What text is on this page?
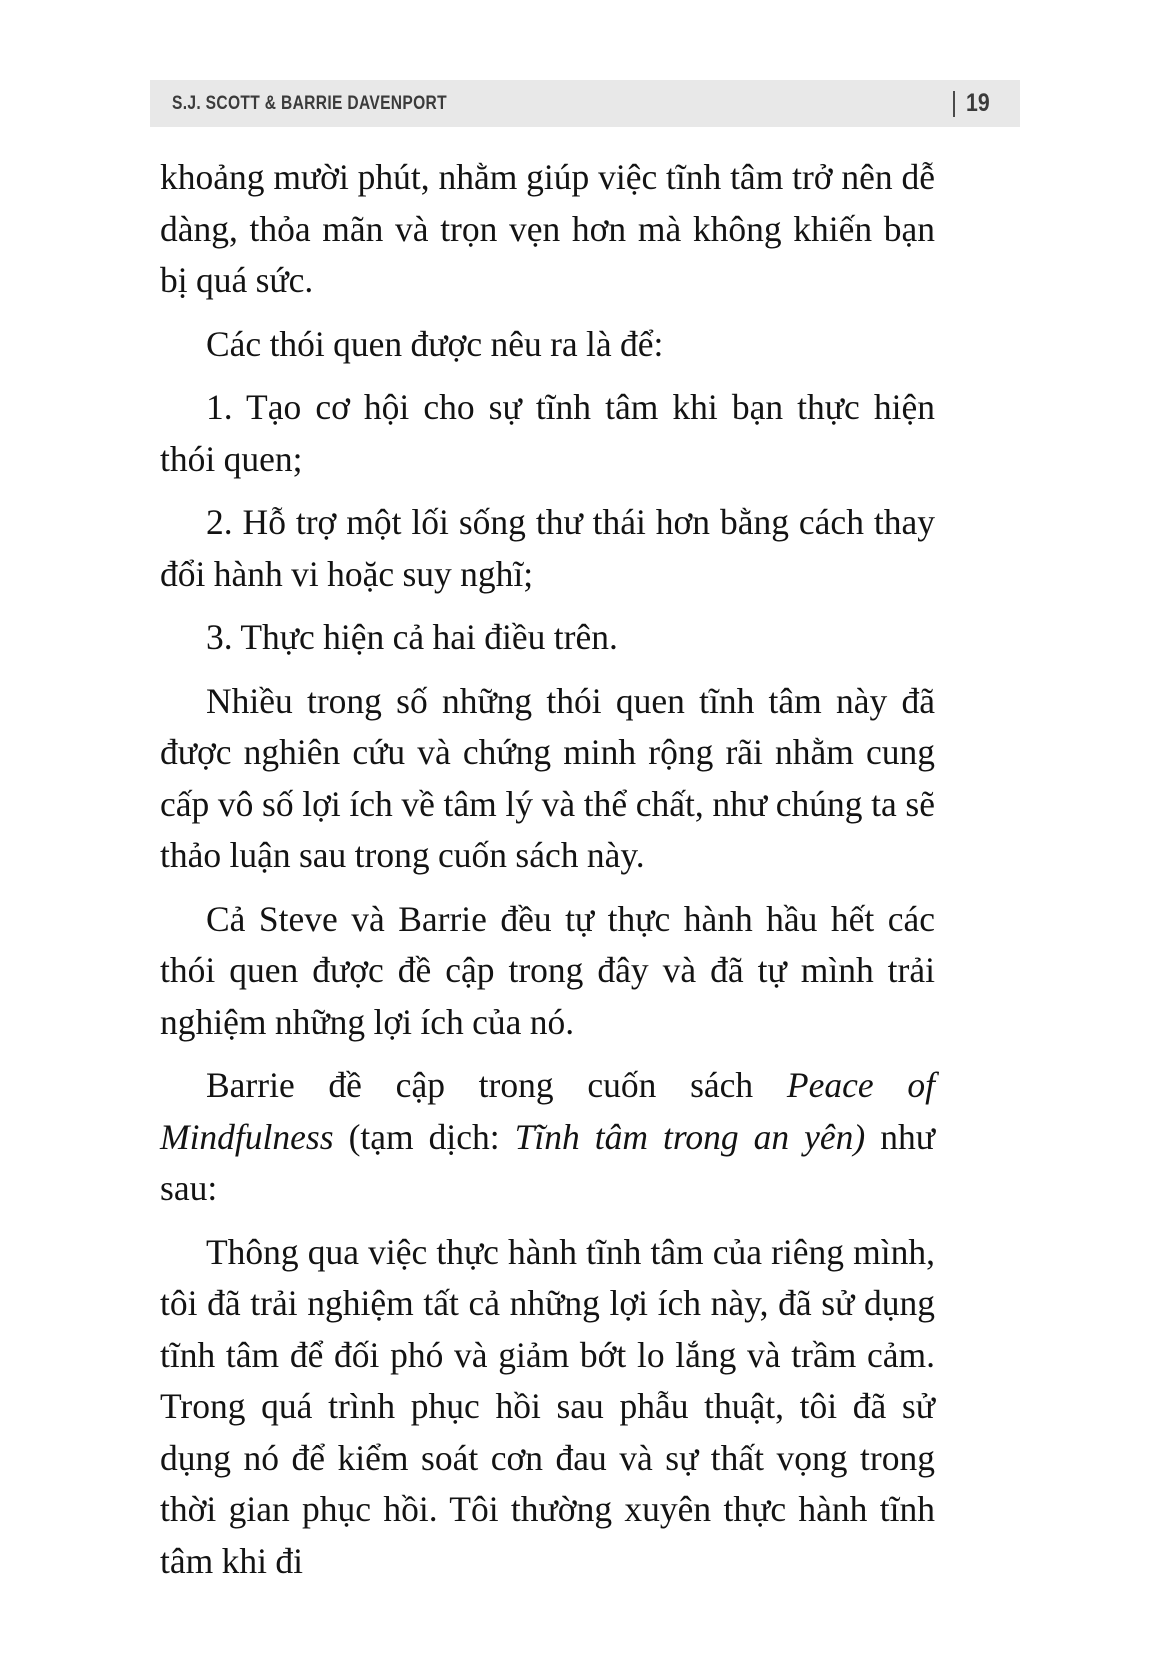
S.J. SCOTT & BARRIE DAVENPORT	19

khoảng mười phút, nhằm giúp việc tĩnh tâm trở nên dễ dàng, thỏa mãn và trọn vẹn hơn mà không khiến bạn bị quá sức.

Các thói quen được nêu ra là để:

1. Tạo cơ hội cho sự tĩnh tâm khi bạn thực hiện thói quen;

2. Hỗ trợ một lối sống thư thái hơn bằng cách thay đổi hành vi hoặc suy nghĩ;

3. Thực hiện cả hai điều trên.

Nhiều trong số những thói quen tĩnh tâm này đã được nghiên cứu và chứng minh rộng rãi nhằm cung cấp vô số lợi ích về tâm lý và thể chất, như chúng ta sẽ thảo luận sau trong cuốn sách này.

Cả Steve và Barrie đều tự thực hành hầu hết các thói quen được đề cập trong đây và đã tự mình trải nghiệm những lợi ích của nó.

Barrie đề cập trong cuốn sách Peace of Mindfulness (tạm dịch: Tĩnh tâm trong an yên) như sau:

Thông qua việc thực hành tĩnh tâm của riêng mình, tôi đã trải nghiệm tất cả những lợi ích này, đã sử dụng tĩnh tâm để đối phó và giảm bớt lo lắng và trầm cảm. Trong quá trình phục hồi sau phẫu thuật, tôi đã sử dụng nó để kiểm soát cơn đau và sự thất vọng trong thời gian phục hồi. Tôi thường xuyên thực hành tĩnh tâm khi đi
